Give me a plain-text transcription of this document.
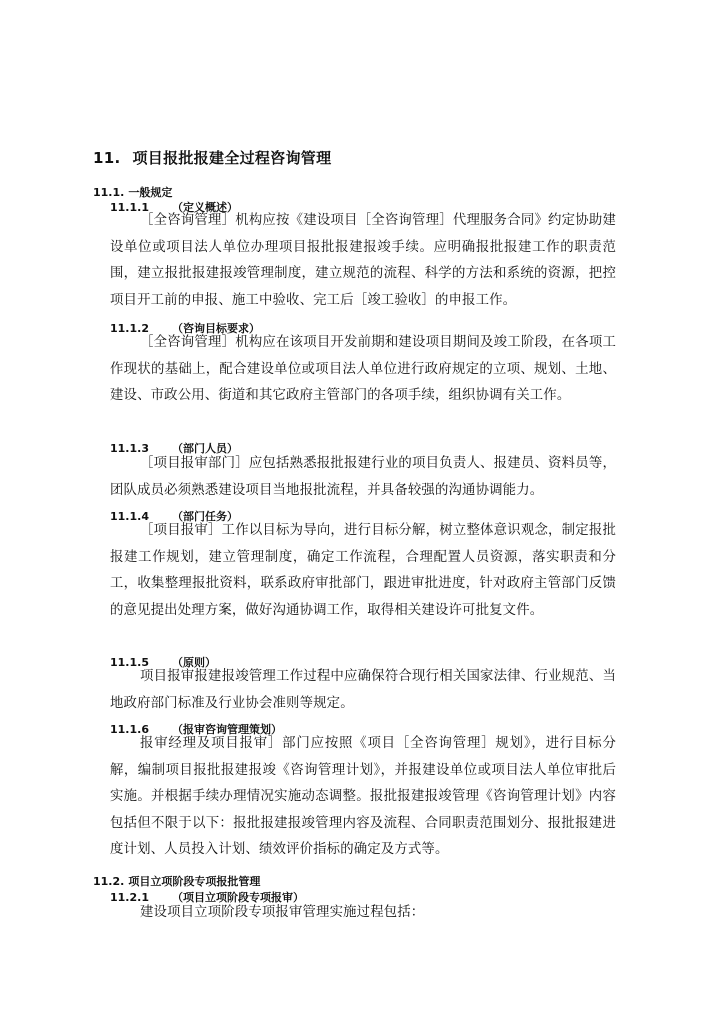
11. 项目报批报建全过程咨询管理
11.1. 一般规定
11.1.1 （定义概述）

［全咨询管理］机构应按《建设项目［全咨询管理］代理服务合同》约定协助建设单位或项目法人单位办理项目报批报建报竣手续。应明确报批报建工作的职责范围，建立报批报建报竣管理制度，建立规范的流程、科学的方法和系统的资源，把控项目开工前的申报、施工中验收、完工后［竣工验收］的申报工作。

11.1.2 （咨询目标要求）

［全咨询管理］机构应在该项目开发前期和建设项目期间及竣工阶段，在各项工作现状的基础上，配合建设单位或项目法人单位进行政府规定的立项、规划、土地、建设、市政公用、街道和其它政府主管部门的各项手续，组织协调有关工作。

11.1.3 （部门人员）

［项目报审部门］应包括熟悉报批报建行业的项目负责人、报建员、资料员等，团队成员必须熟悉建设项目当地报批流程，并具备较强的沟通协调能力。

11.1.4 （部门任务）

［项目报审］工作以目标为导向，进行目标分解，树立整体意识观念，制定报批报建工作规划，建立管理制度，确定工作流程，合理配置人员资源，落实职责和分工，收集整理报批资料，联系政府审批部门，跟进审批进度，针对政府主管部门反馈的意见提出处理方案，做好沟通协调工作，取得相关建设许可批复文件。

11.1.5 （原则）

项目报审报建报竣管理工作过程中应确保符合现行相关国家法律、行业规范、当地政府部门标准及行业协会准则等规定。

11.1.6 （报审咨询管理策划）

报审经理及项目报审］部门应按照《项目［全咨询管理］规划》，进行目标分解，编制项目报批报建报竣《咨询管理计划》，并报建设单位或项目法人单位审批后实施。并根据手续办理情况实施动态调整。报批报建报竣管理《咨询管理计划》内容包括但不限于以下：报批报建报竣管理内容及流程、合同职责范围划分、报批报建进度计划、人员投入计划、绩效评价指标的确定及方式等。

11.2. 项目立项阶段专项报批管理
11.2.1 （项目立项阶段专项报审）

建设项目立项阶段专项报审管理实施过程包括：
